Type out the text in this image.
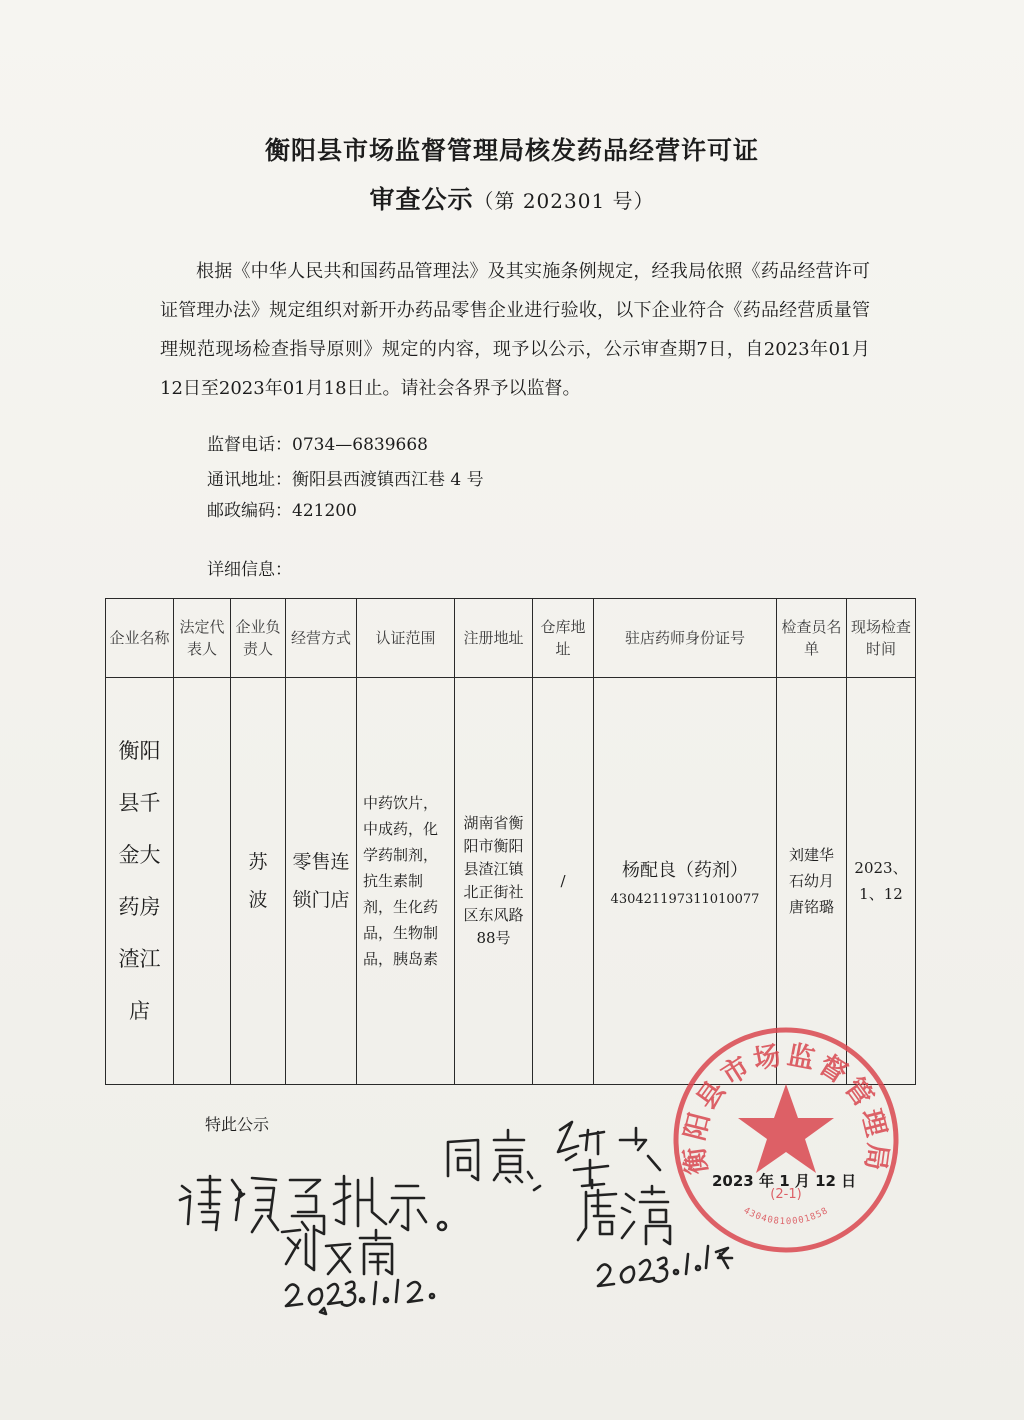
衡阳县市场监督管理局核发药品经营许可证
审查公示（第 202301 号）

根据《中华人民共和国药品管理法》及其实施条例规定，经我局依照《药品经营许可证管理办法》规定组织对新开办药品零售企业进行验收，以下企业符合《药品经营质量管理规范现场检查指导原则》规定的内容，现予以公示，公示审查期7日，自2023年01月12日至2023年01月18日止。请社会各界予以监督。

监督电话：0734—6839668
通讯地址：衡阳县西渡镇西江巷 4 号
邮政编码：421200
详细信息：
企业名称	法定代表人	企业负责人	经营方式	认证范围	注册地址	仓库地址	驻店药师身份证号	检查员名单	现场检查时间
衡阳县千金大药房渣江店		苏波	零售连锁门店	中药饮片，中成药，化学药制剂，抗生素制剂，生化药品，生物制品，胰岛素	湖南省衡阳市衡阳县渣江镇北正街社区东风路88号	/	杨配良（药剂）
430421197311010077	刘建华 石幼月 唐铭璐	2023、1、12
特此公示
衡阳县市场监督管理局
(2-1)
430408100018​58
2023 年 1 月 12 日
